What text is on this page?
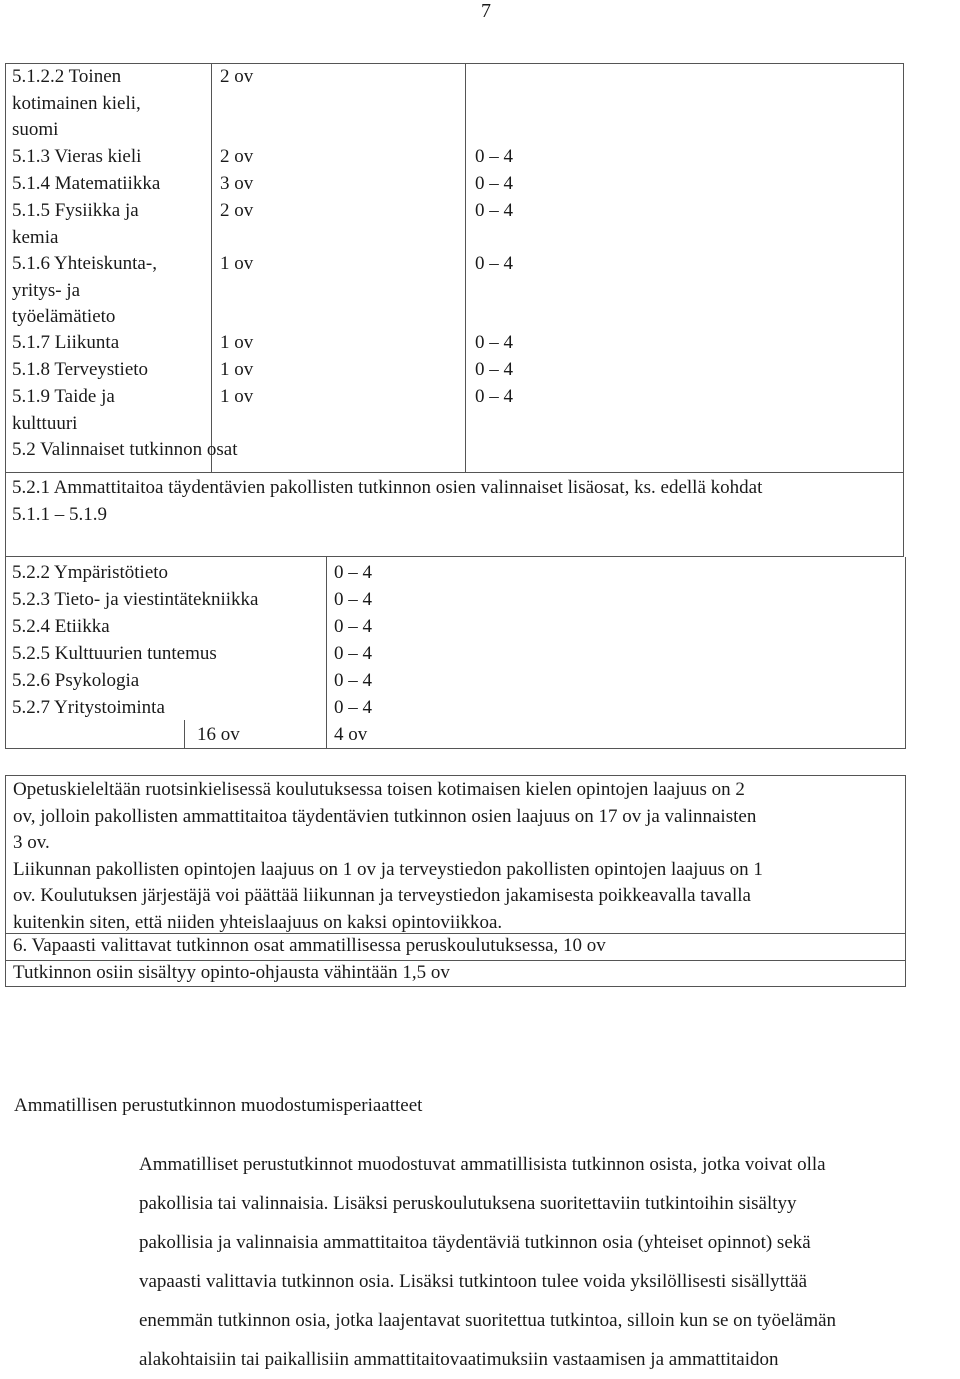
7
5.1.2.2 Toinen
kotimainen kieli,
suomi
2 ov
5.1.3 Vieras kieli	2 ov	0 – 4
5.1.4 Matematiikka	3 ov	0 – 4
5.1.5 Fysiikka ja
kemia
2 ov	0 – 4
5.1.6 Yhteiskunta-,
yritys- ja
työelämätieto
1 ov	0 – 4
5.1.7 Liikunta	1 ov	0 – 4
5.1.8 Terveystieto	1 ov	0 – 4
5.1.9 Taide ja
kulttuuri
1 ov	0 – 4
5.2 Valinnaiset tutkinnon osat
5.2.1 Ammattitaitoa täydentävien pakollisten tutkinnon osien valinnaiset lisäosat, ks. edellä kohdat
5.1.1 – 5.1.9
5.2.2 Ympäristötieto	0 – 4
5.2.3 Tieto- ja viestintätekniikka	0 – 4
5.2.4 Etiikka	0 – 4
5.2.5 Kulttuurien tuntemus	0 – 4
5.2.6 Psykologia	0 – 4
5.2.7 Yritystoiminta	0 – 4
16 ov	4 ov
Opetuskieleltään ruotsinkielisessä koulutuksessa toisen kotimaisen kielen opintojen laajuus on 2
ov, jolloin pakollisten ammattitaitoa täydentävien tutkinnon osien laajuus on 17 ov ja valinnaisten
3 ov.
Liikunnan pakollisten opintojen laajuus on 1 ov ja terveystiedon pakollisten opintojen laajuus on 1
ov. Koulutuksen järjestäjä voi päättää liikunnan ja terveystiedon jakamisesta poikkeavalla tavalla
kuitenkin siten, että niiden yhteislaajuus on kaksi opintoviikkoa.
6. Vapaasti valittavat tutkinnon osat ammatillisessa peruskoulutuksessa, 10 ov
Tutkinnon osiin sisältyy opinto-ohjausta vähintään 1,5 ov
Ammatillisen perustutkinnon muodostumisperiaatteet
Ammatilliset perustutkinnot muodostuvat ammatillisista tutkinnon osista, jotka voivat olla
pakollisia tai valinnaisia. Lisäksi peruskoulutuksena suoritettaviin tutkintoihin sisältyy
pakollisia ja valinnaisia ammattitaitoa täydentäviä tutkinnon osia (yhteiset opinnot) sekä
vapaasti valittavia tutkinnon osia. Lisäksi tutkintoon tulee voida yksilöllisesti sisällyttää
enemmän tutkinnon osia, jotka laajentavat suoritettua tutkintoa, silloin kun se on työelämän
alakohtaisiin tai paikallisiin ammattitaitovaatimuksiin vastaamisen ja ammattitaidon
